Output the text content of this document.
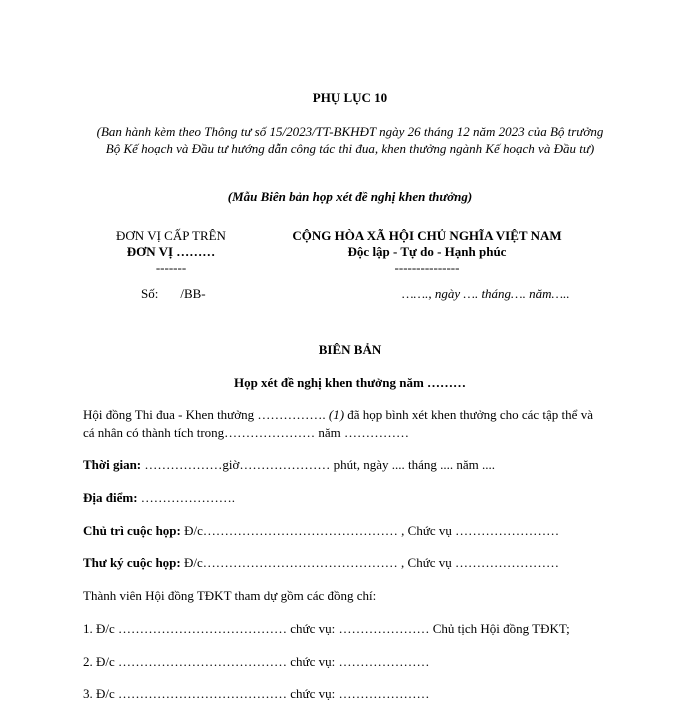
PHỤ LỤC 10
(Ban hành kèm theo Thông tư số 15/2023/TT-BKHĐT ngày 26 tháng 12 năm 2023 của Bộ trưởng Bộ Kế hoạch và Đầu tư hướng dẫn công tác thi đua, khen thưởng ngành Kế hoạch và Đầu tư)
(Mẫu Biên bản họp xét đề nghị khen thưởng)
ĐƠN VỊ CẤP TRÊN
ĐƠN VỊ ………
-------
CỘNG HÒA XÃ HỘI CHỦ NGHĨA VIỆT NAM
Độc lập - Tự do - Hạnh phúc
---------------
Số: /BB-	……., ngày …. tháng…. năm…..
BIÊN BẢN
Họp xét đề nghị khen thưởng năm ………
Hội đồng Thi đua - Khen thưởng ……………. (1) đã họp bình xét khen thưởng cho các tập thể và cá nhân có thành tích trong………………… năm ……………
Thời gian: ………………giờ………………… phút, ngày .... tháng .... năm ....
Địa điểm: ………………….
Chủ trì cuộc họp: Đ/c……………………………………… , Chức vụ ……………………
Thư ký cuộc họp: Đ/c……………………………………… , Chức vụ ……………………
Thành viên Hội đồng TĐKT tham dự gồm các đồng chí:
1. Đ/c ………………………………… chức vụ: ………………… Chủ tịch Hội đồng TĐKT;
2. Đ/c ………………………………… chức vụ: …………………
3. Đ/c ………………………………… chức vụ: …………………
